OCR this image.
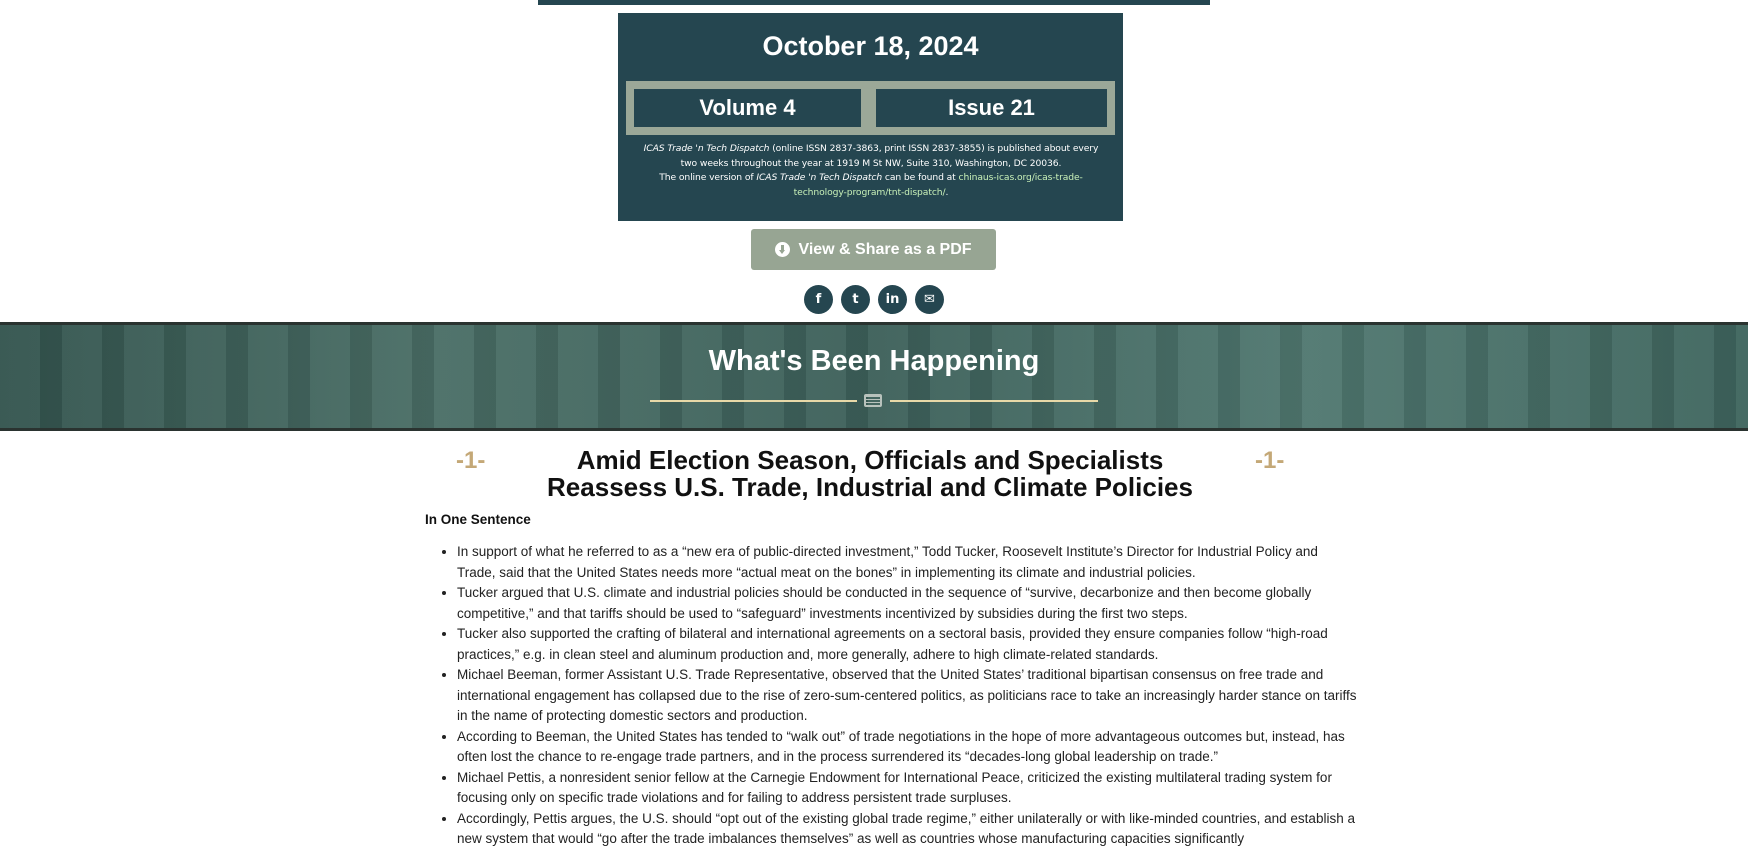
October 18, 2024
Volume 4	Issue 21
ICAS Trade 'n Tech Dispatch (online ISSN 2837-3863, print ISSN 2837-3855) is published about every two weeks throughout the year at 1919 M St NW, Suite 310, Washington, DC 20036.
The online version of ICAS Trade 'n Tech Dispatch can be found at chinaus-icas.org/icas-trade-technology-program/tnt-dispatch/.
View & Share as a PDF
f	t	in	✉
What's Been Happening
-1-	-1-
Amid Election Season, Officials and Specialists
Reassess U.S. Trade, Industrial and Climate Policies
In One Sentence
• In support of what he referred to as a “new era of public-directed investment,” Todd Tucker, Roosevelt Institute’s Director for Industrial Policy and Trade, said that the United States needs more “actual meat on the bones” in implementing its climate and industrial policies.
• Tucker argued that U.S. climate and industrial policies should be conducted in the sequence of “survive, decarbonize and then become globally competitive,” and that tariffs should be used to “safeguard” investments incentivized by subsidies during the first two steps.
• Tucker also supported the crafting of bilateral and international agreements on a sectoral basis, provided they ensure companies follow “high-road practices,” e.g. in clean steel and aluminum production and, more generally, adhere to high climate-related standards.
• Michael Beeman, former Assistant U.S. Trade Representative, observed that the United States’ traditional bipartisan consensus on free trade and international engagement has collapsed due to the rise of zero-sum-centered politics, as politicians race to take an increasingly harder stance on tariffs in the name of protecting domestic sectors and production.
• According to Beeman, the United States has tended to “walk out” of trade negotiations in the hope of more advantageous outcomes but, instead, has often lost the chance to re-engage trade partners, and in the process surrendered its “decades-long global leadership on trade.”
• Michael Pettis, a nonresident senior fellow at the Carnegie Endowment for International Peace, criticized the existing multilateral trading system for focusing only on specific trade violations and for failing to address persistent trade surpluses.
• Accordingly, Pettis argues, the U.S. should “opt out of the existing global trade regime,” either unilaterally or with like-minded countries, and establish a new system that would “go after the trade imbalances themselves” as well as countries whose manufacturing capacities significantly
